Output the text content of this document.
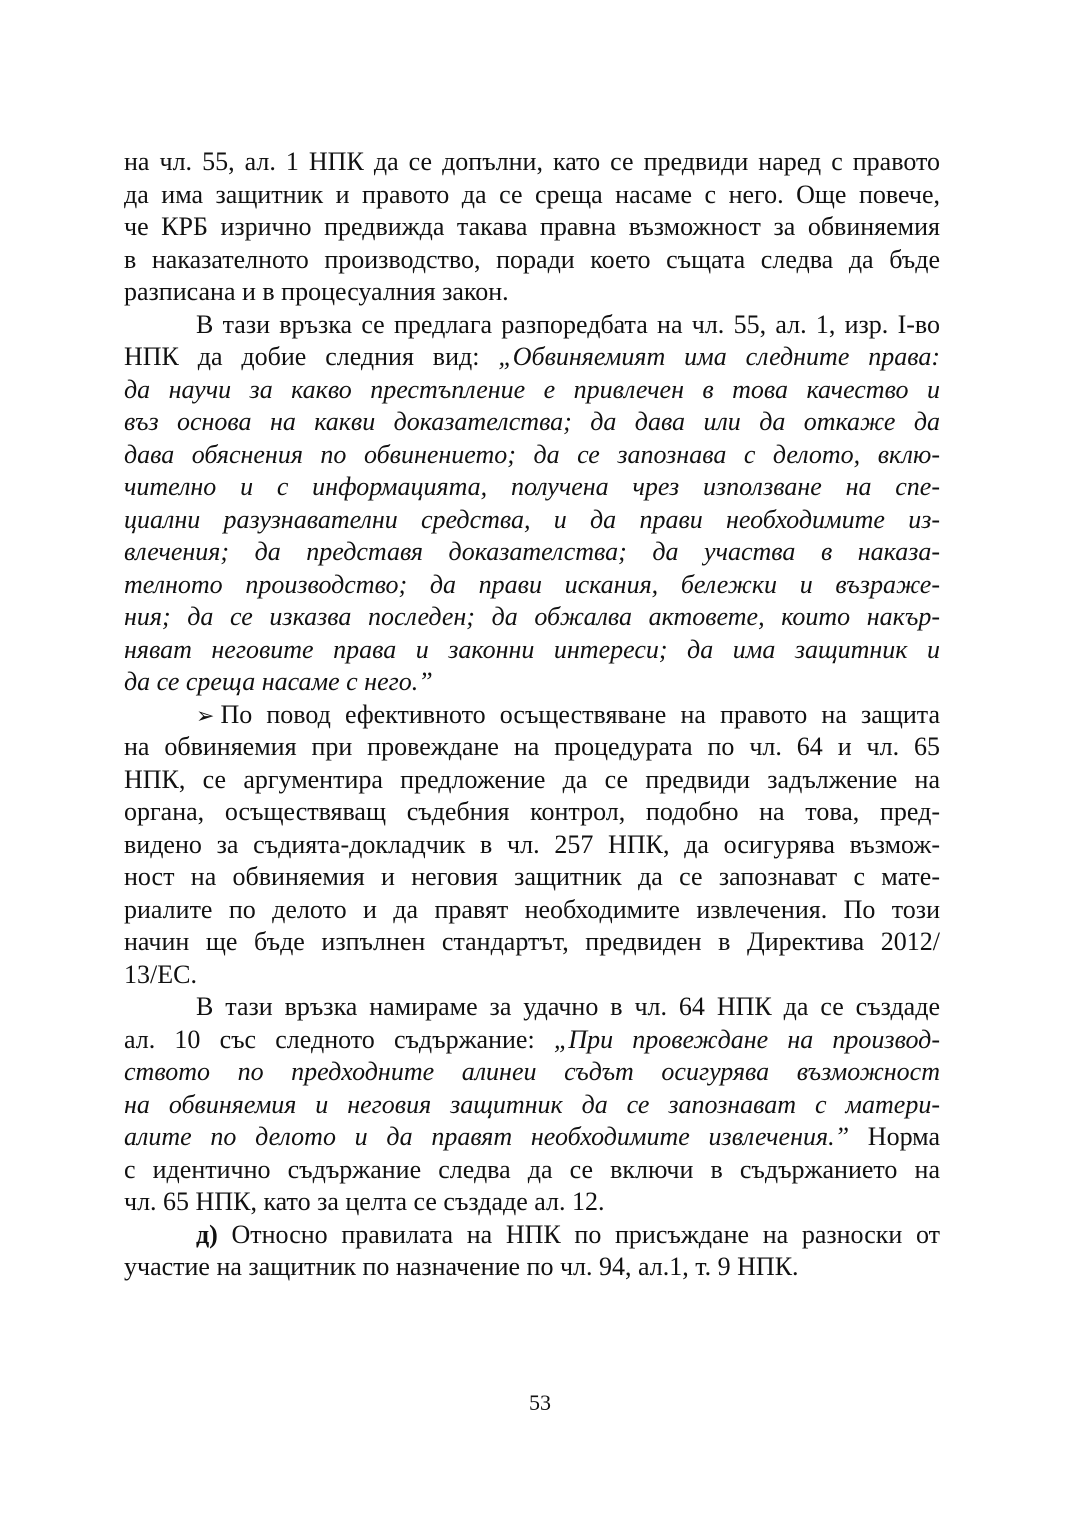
на чл. 55, ал. 1 НПК да се допълни, като се предвиди наред с правото
да има защитник и правото да се среща насаме с него. Още повече,
че КРБ изрично предвижда такава правна възможност за обвиняемия
в наказателното производство, поради което същата следва да бъде
разписана и в процесуалния закон.
В тази връзка се предлага разпоредбата на чл. 55, ал. 1, изр. І-во
НПК да добие следния вид: „Обвиняемият има следните права:
да научи за какво престъпление е привлечен в това качество и
въз основа на какви доказателства; да дава или да откаже да
дава обяснения по обвинението; да се запознава с делото, вклю-
чително и с информацията, получена чрез използване на спе-
циални разузнавателни средства, и да прави необходимите из-
влечения; да представя доказателства; да участва в наказа-
телното производство; да прави искания, бележки и възраже-
ния; да се изказва последен; да обжалва актовете, които накър-
няват неговите права и законни интереси; да има защитник и
да се среща насаме с него.”
➢ По повод ефективното осъществяване на правото на защита
на обвиняемия при провеждане на процедурата по чл. 64 и чл. 65
НПК, се аргументира предложение да се предвиди задължение на
органа, осъществяващ съдебния контрол, подобно на това, пред-
видено за съдията-докладчик в чл. 257 НПК, да осигурява възмож-
ност на обвиняемия и неговия защитник да се запознават с мате-
риалите по делото и да правят необходимите извлечения. По този
начин ще бъде изпълнен стандартът, предвиден в Директива 2012/
13/ЕС.
В тази връзка намираме за удачно в чл. 64 НПК да се създаде
ал. 10 със следното съдържание: „При провеждане на производ-
ството по предходните алинеи съдът осигурява възможност
на обвиняемия и неговия защитник да се запознават с матери-
алите по делото и да правят необходимите извлечения.” Норма
с идентично съдържание следва да се включи в съдържанието на
чл. 65 НПК, като за целта се създаде ал. 12.
д) Относно правилата на НПК по присъждане на разноски от
участие на защитник по назначение по чл. 94, ал.1, т. 9 НПК.
53
